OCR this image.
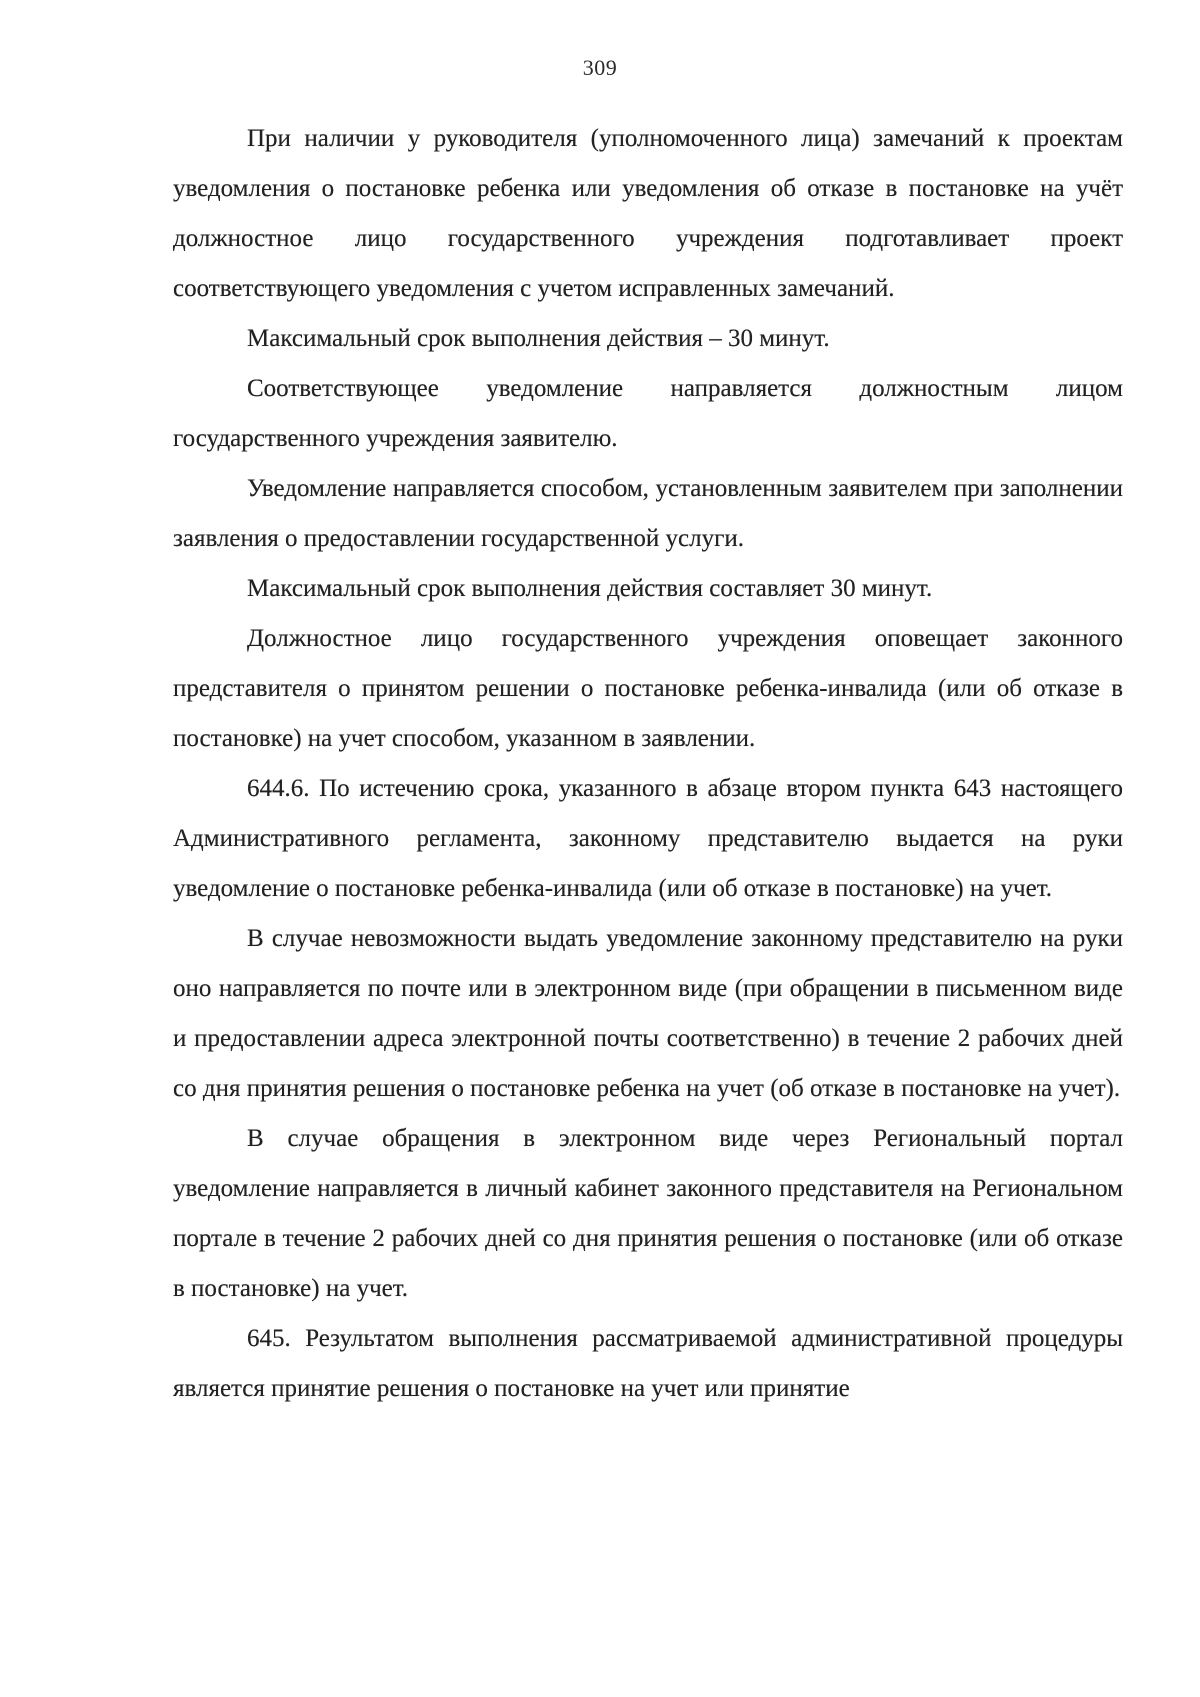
309

При наличии у руководителя (уполномоченного лица) замечаний к проектам уведомления о постановке ребенка или уведомления об отказе в постановке на учёт должностное лицо государственного учреждения подготавливает проект соответствующего уведомления с учетом исправленных замечаний.

Максимальный срок выполнения действия – 30 минут.

Соответствующее уведомление направляется должностным лицом государственного учреждения заявителю.

Уведомление направляется способом, установленным заявителем при заполнении заявления о предоставлении государственной услуги.

Максимальный срок выполнения действия составляет 30 минут.

Должностное лицо государственного учреждения оповещает законного представителя о принятом решении о постановке ребенка-инвалида (или об отказе в постановке) на учет способом, указанном в заявлении.

644.6. По истечению срока, указанного в абзаце втором пункта 643 настоящего Административного регламента, законному представителю выдается на руки уведомление о постановке ребенка-инвалида (или об отказе в постановке) на учет.

В случае невозможности выдать уведомление законному представителю на руки оно направляется по почте или в электронном виде (при обращении в письменном виде и предоставлении адреса электронной почты соответственно) в течение 2 рабочих дней со дня принятия решения о постановке ребенка на учет (об отказе в постановке на учет).

В случае обращения в электронном виде через Региональный портал уведомление направляется в личный кабинет законного представителя на Региональном портале в течение 2 рабочих дней со дня принятия решения о постановке (или об отказе в постановке) на учет.

645. Результатом выполнения рассматриваемой административной процедуры является принятие решения о постановке на учет или принятие
